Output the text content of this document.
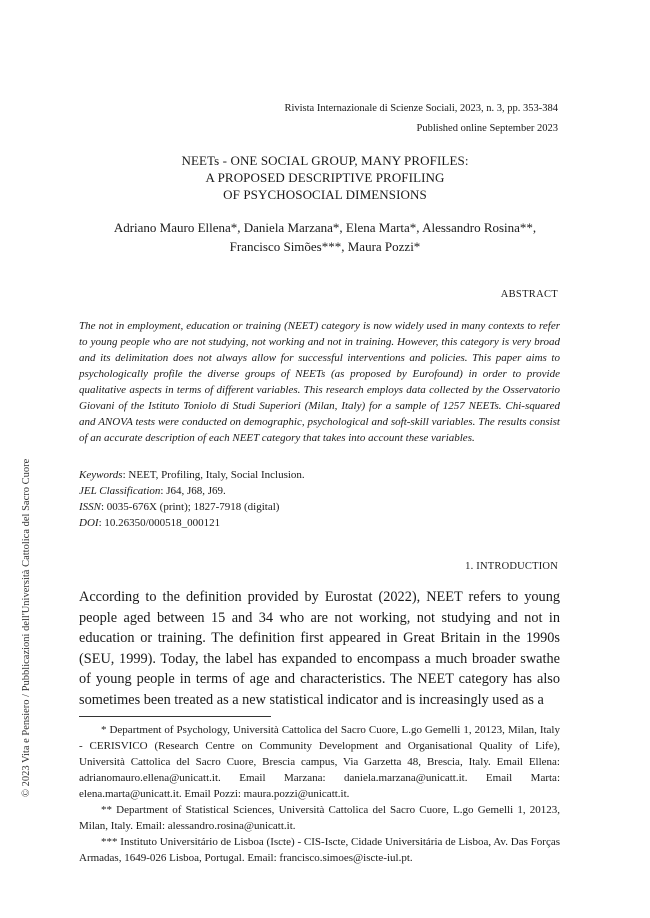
© 2023 Vita e Pensiero / Pubblicazioni dell'Università Cattolica del Sacro Cuore
Rivista Internazionale di Scienze Sociali, 2023, n. 3, pp. 353-384
Published online September 2023
NEETs - ONE SOCIAL GROUP, MANY PROFILES:
A PROPOSED DESCRIPTIVE PROFILING
OF PSYCHOSOCIAL DIMENSIONS
Adriano Mauro Ellena*, Daniela Marzana*, Elena Marta*, Alessandro Rosina**,
Francisco Simões***, Maura Pozzi*
ABSTRACT
The not in employment, education or training (NEET) category is now widely used in many contexts to refer to young people who are not studying, not working and not in training. However, this category is very broad and its delimitation does not always allow for successful interventions and policies. This paper aims to psychologically profile the diverse groups of NEETs (as proposed by Eurofound) in order to provide qualitative aspects in terms of different variables. This research employs data collected by the Osservatorio Giovani of the Istituto Toniolo di Studi Superiori (Milan, Italy) for a sample of 1257 NEETs. Chi-squared and ANOVA tests were conducted on demographic, psychological and soft-skill variables. The results consist of an accurate description of each NEET category that takes into account these variables.
Keywords: NEET, Profiling, Italy, Social Inclusion.
JEL Classification: J64, J68, J69.
ISSN: 0035-676X (print); 1827-7918 (digital)
DOI: 10.26350/000518_000121
1. INTRODUCTION
According to the definition provided by Eurostat (2022), NEET refers to young people aged between 15 and 34 who are not working, not studying and not in education or training. The definition first appeared in Great Britain in the 1990s (SEU, 1999). Today, the label has expanded to encompass a much broader swathe of young people in terms of age and characteristics. The NEET category has also sometimes been treated as a new statistical indicator and is increasingly used as a

* Department of Psychology, Università Cattolica del Sacro Cuore, L.go Gemelli 1, 20123, Milan, Italy - CERISVICO (Research Centre on Community Development and Organisational Quality of Life), Università Cattolica del Sacro Cuore, Brescia campus, Via Garzetta 48, Brescia, Italy. Email Ellena: adrianomauro.ellena@unicatt.it. Email Marzana: daniela.marzana@unicatt.it. Email Marta: elena.marta@unicatt.it. Email Pozzi: maura.pozzi@unicatt.it.

** Department of Statistical Sciences, Università Cattolica del Sacro Cuore, L.go Gemelli 1, 20123, Milan, Italy. Email: alessandro.rosina@unicatt.it.

*** Instituto Universitário de Lisboa (Iscte) - CIS-Iscte, Cidade Universitária de Lisboa, Av. Das Forças Armadas, 1649-026 Lisboa, Portugal. Email: francisco.simoes@iscte-iul.pt.
